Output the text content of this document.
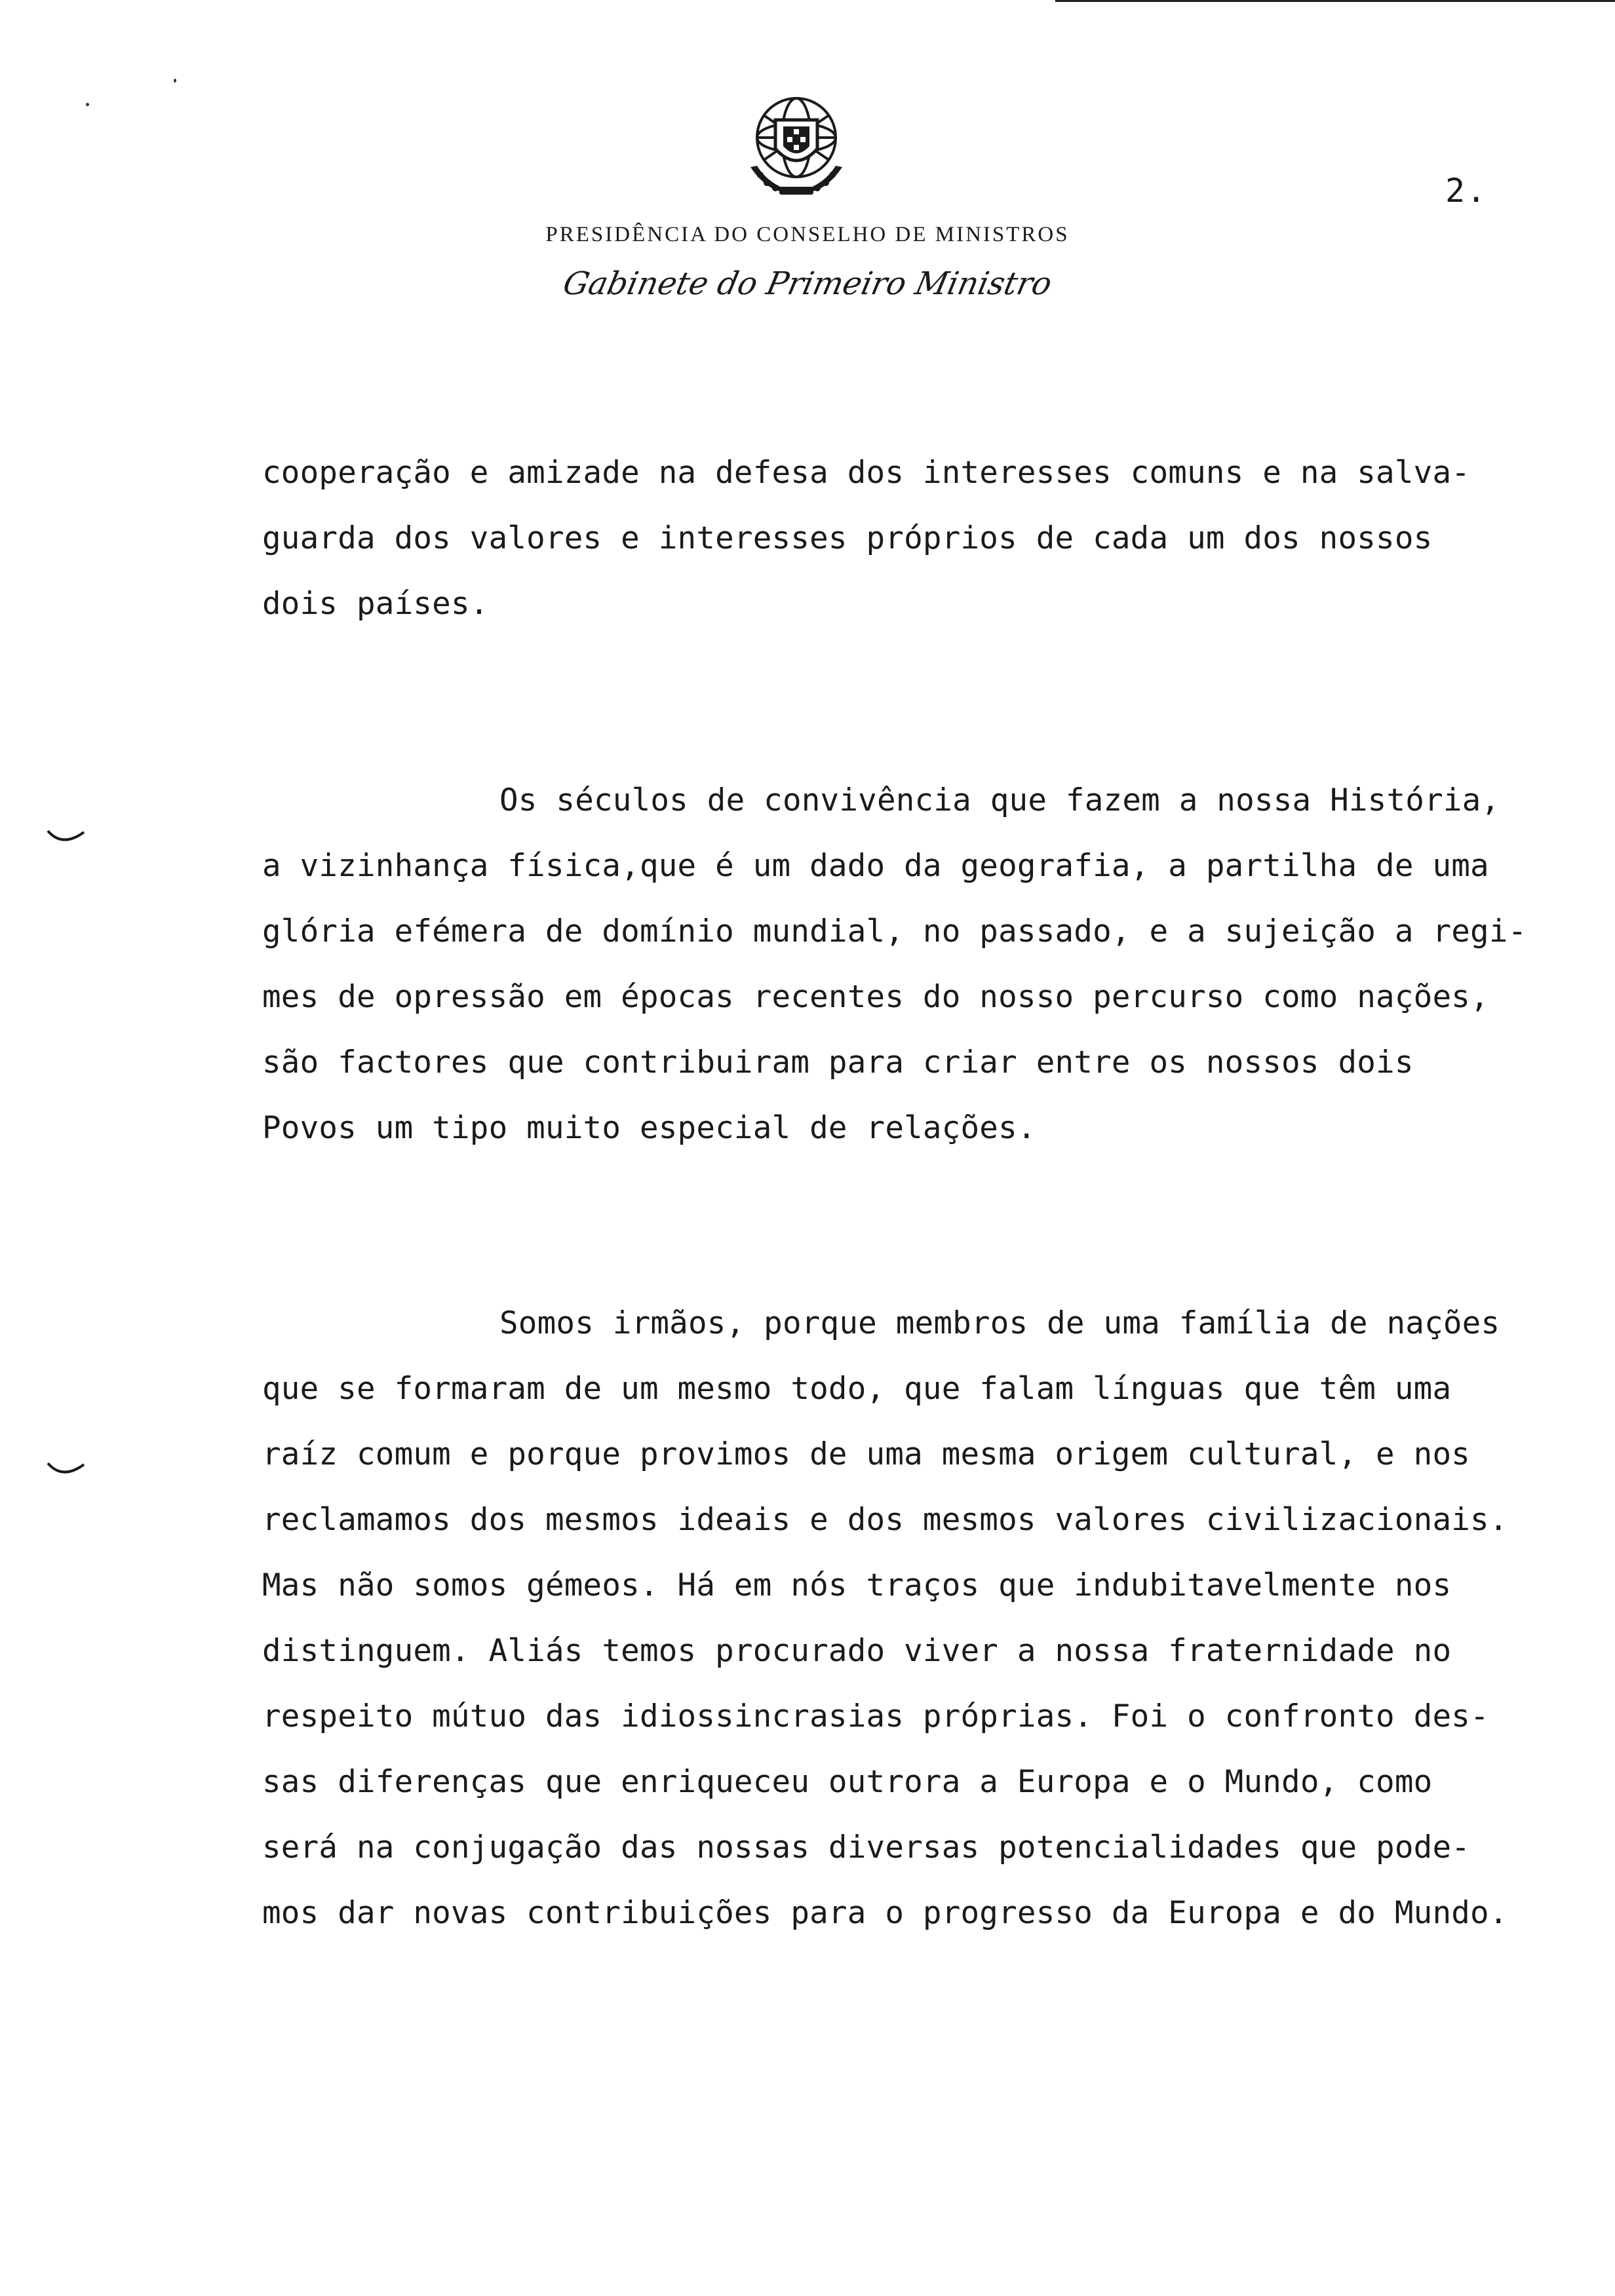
2.
PRESIDÊNCIA DO CONSELHO DE MINISTROS
Gabinete do Primeiro Ministro
cooperação e amizade na defesa dos interesses comuns e na salva-
guarda dos valores e interesses próprios de cada um dos nossos
dois países.
Os séculos de convivência que fazem a nossa História,
a vizinhança física,que é um dado da geografia, a partilha de uma
glória efémera de domínio mundial, no passado, e a sujeição a regi-
mes de opressão em épocas recentes do nosso percurso como nações,
são factores que contribuiram para criar entre os nossos dois
Povos um tipo muito especial de relações.
Somos irmãos, porque membros de uma família de nações
que se formaram de um mesmo todo, que falam línguas que têm uma
raíz comum e porque provimos de uma mesma origem cultural, e nos
reclamamos dos mesmos ideais e dos mesmos valores civilizacionais.
Mas não somos gémeos. Há em nós traços que indubitavelmente nos
distinguem. Aliás temos procurado viver a nossa fraternidade no
respeito mútuo das idiossincrasias próprias. Foi o confronto des-
sas diferenças que enriqueceu outrora a Europa e o Mundo, como
será na conjugação das nossas diversas potencialidades que pode-
mos dar novas contribuições para o progresso da Europa e do Mundo.
